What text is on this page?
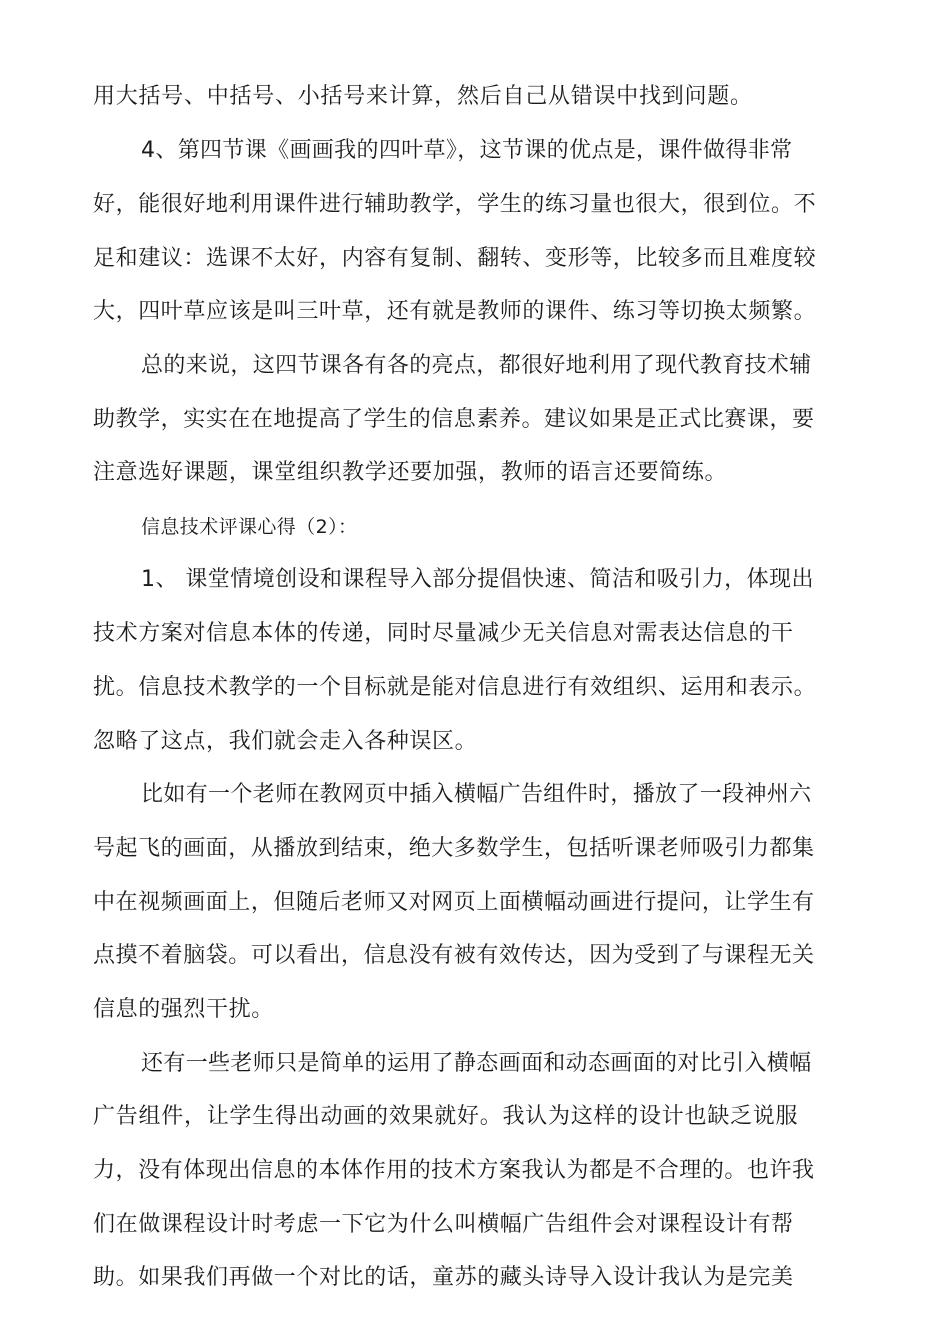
用大括号、中括号、小括号来计算，然后自己从错误中找到问题。
4、第四节课《画画我的四叶草》，这节课的优点是，课件做得非常
好，能很好地利用课件进行辅助教学，学生的练习量也很大，很到位。不
足和建议：选课不太好，内容有复制、翻转、变形等，比较多而且难度较
大，四叶草应该是叫三叶草，还有就是教师的课件、练习等切换太频繁。
总的来说，这四节课各有各的亮点，都很好地利用了现代教育技术辅
助教学，实实在在地提高了学生的信息素养。建议如果是正式比赛课，要
注意选好课题，课堂组织教学还要加强，教师的语言还要简练。
信息技术评课心得（2）：
1、 课堂情境创设和课程导入部分提倡快速、简洁和吸引力，体现出
技术方案对信息本体的传递，同时尽量减少无关信息对需表达信息的干
扰。信息技术教学的一个目标就是能对信息进行有效组织、运用和表示。
忽略了这点，我们就会走入各种误区。
比如有一个老师在教网页中插入横幅广告组件时，播放了一段神州六
号起飞的画面，从播放到结束，绝大多数学生，包括听课老师吸引力都集
中在视频画面上，但随后老师又对网页上面横幅动画进行提问，让学生有
点摸不着脑袋。可以看出，信息没有被有效传达，因为受到了与课程无关
信息的强烈干扰。
还有一些老师只是简单的运用了静态画面和动态画面的对比引入横幅
广告组件，让学生得出动画的效果就好。我认为这样的设计也缺乏说服
力，没有体现出信息的本体作用的技术方案我认为都是不合理的。也许我
们在做课程设计时考虑一下它为什么叫横幅广告组件会对课程设计有帮
助。如果我们再做一个对比的话，童苏的藏头诗导入设计我认为是完美
